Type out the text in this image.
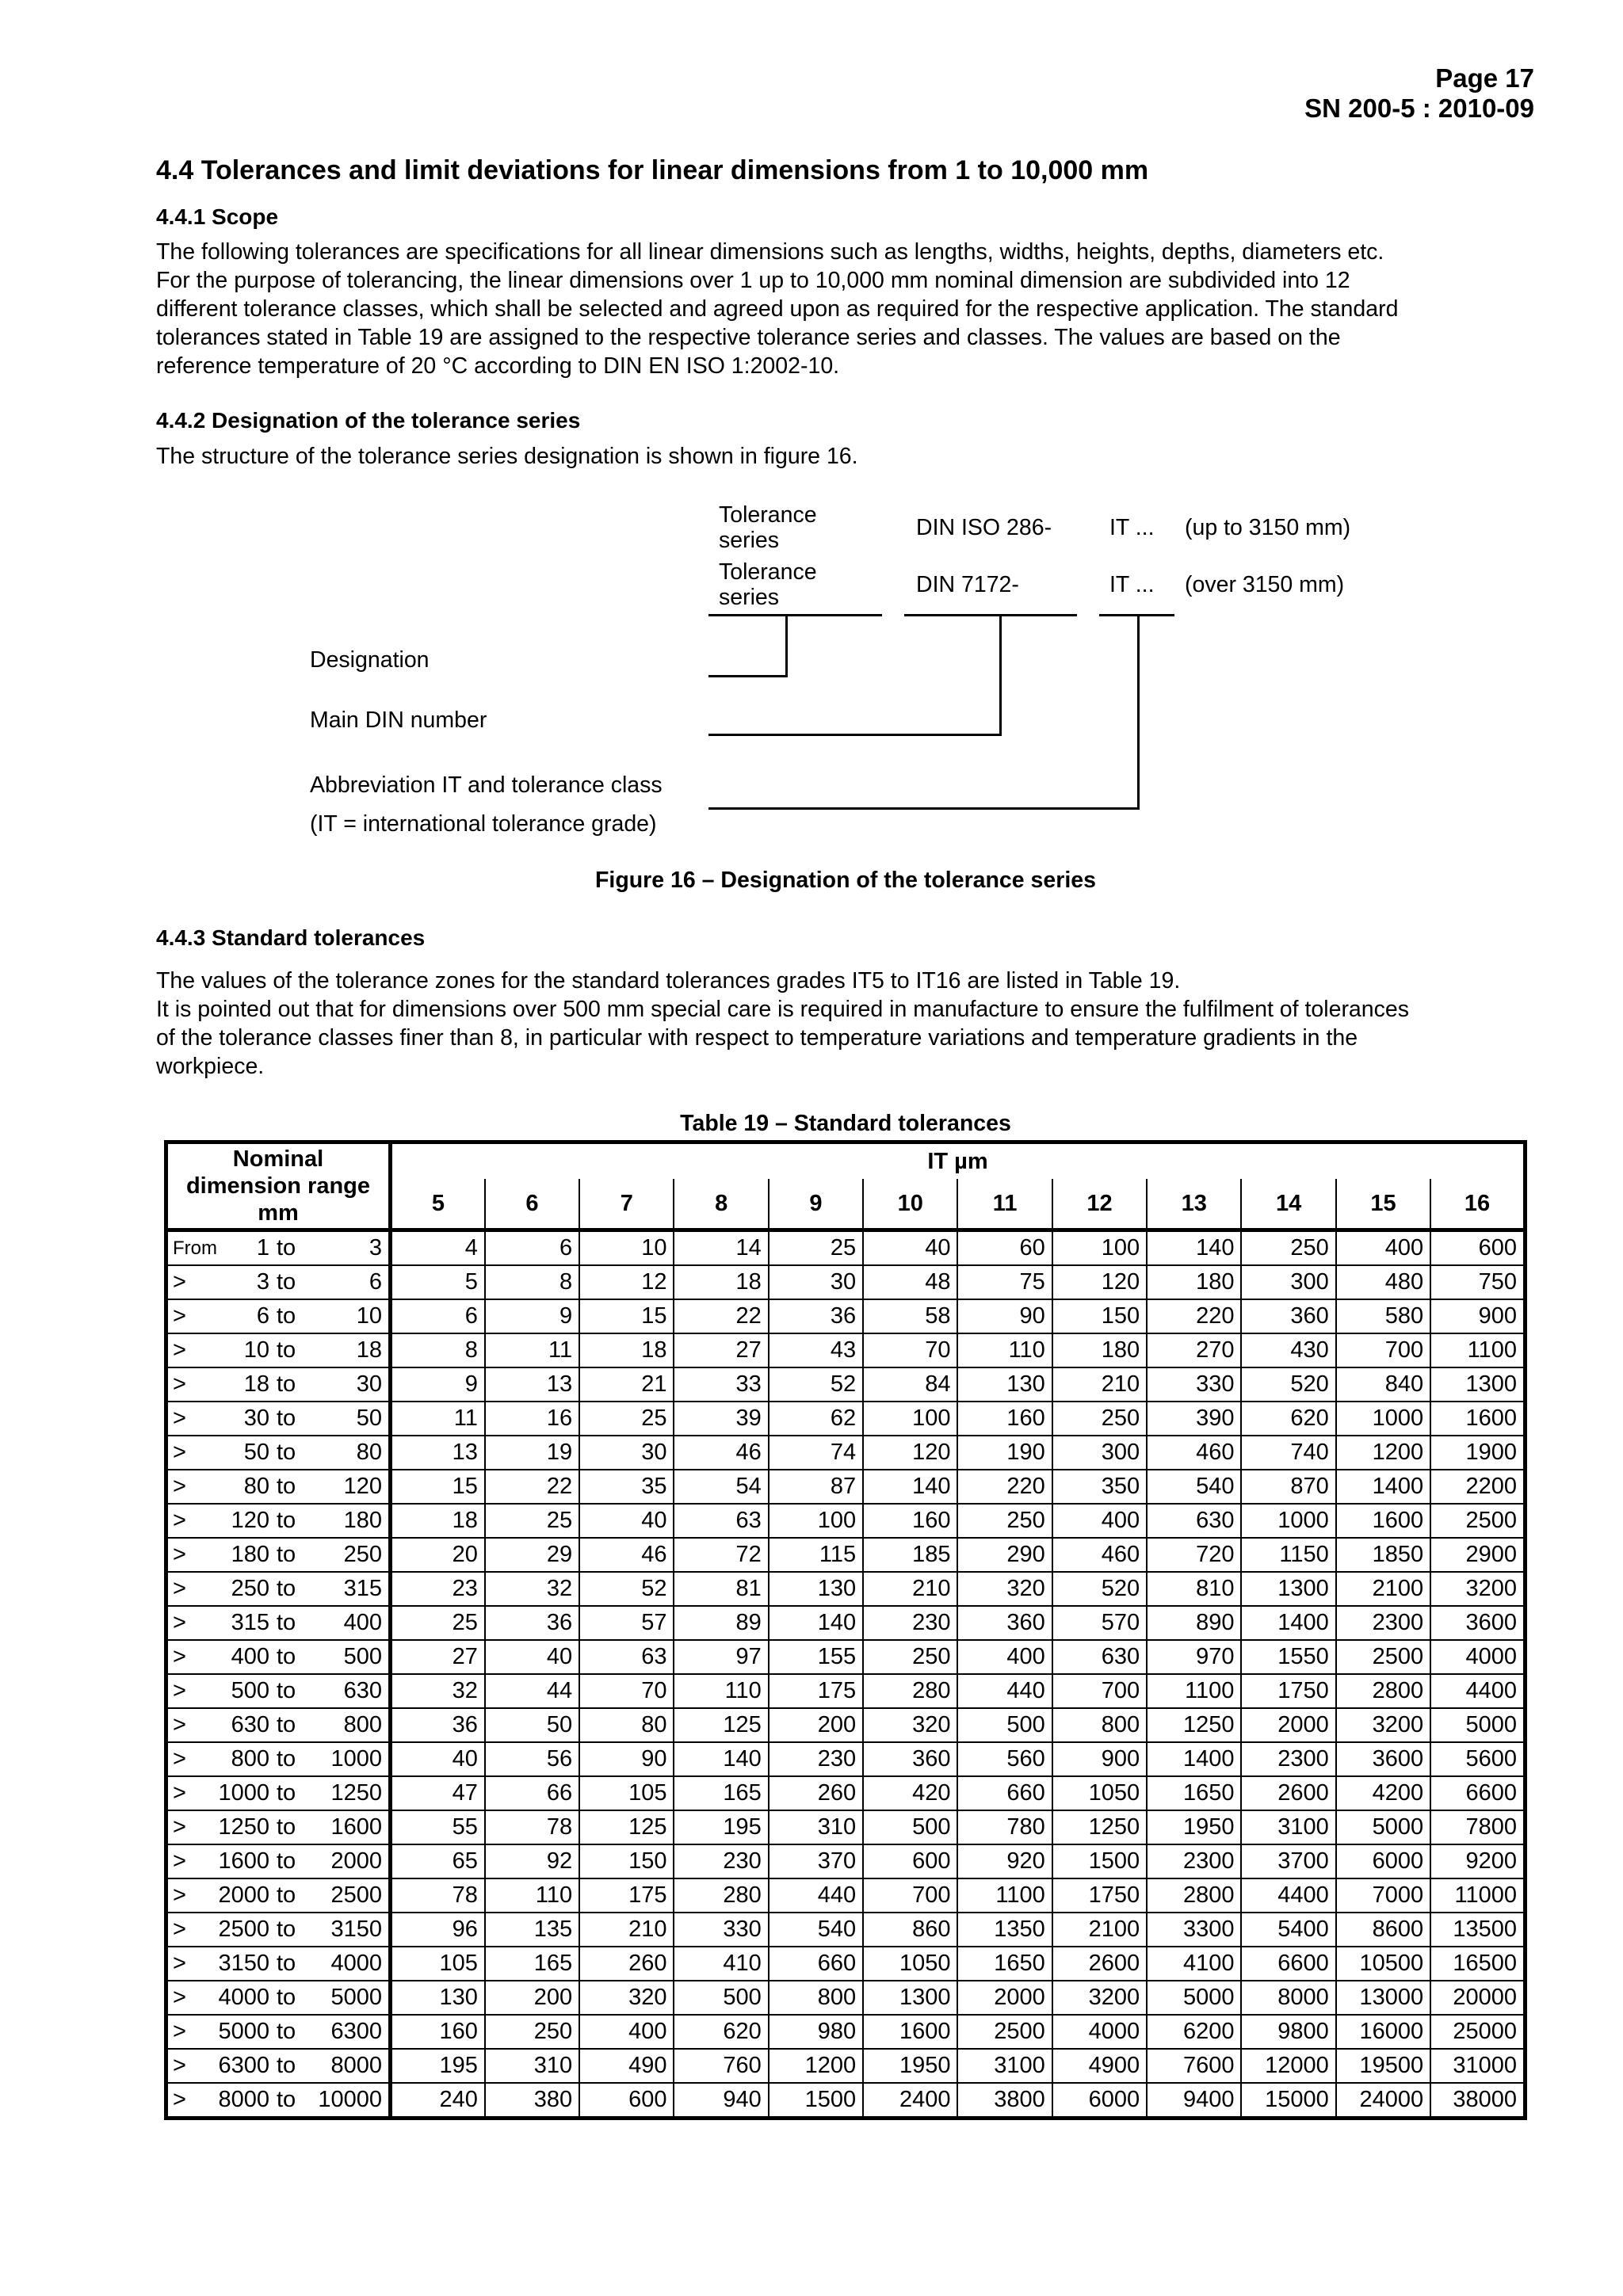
Page 17
SN 200-5 : 2010-09
4.4 Tolerances and limit deviations for linear dimensions from 1 to 10,000 mm
4.4.1 Scope
The following tolerances are specifications for all linear dimensions such as lengths, widths, heights, depths, diameters etc.
For the purpose of tolerancing, the linear dimensions over 1 up to 10,000 mm nominal dimension are subdivided into 12
different tolerance classes, which shall be selected and agreed upon as required for the respective application. The standard
tolerances stated in Table 19 are assigned to the respective tolerance series and classes. The values are based on the
reference temperature of 20 °C according to DIN EN ISO 1:2002-10.
4.4.2 Designation of the tolerance series
The structure of the tolerance series designation is shown in figure 16.
Tolerance
series	DIN ISO 286-	IT ... (up to 3150 mm)
Tolerance
series	DIN 7172-	IT ... (over 3150 mm)
Designation
Main DIN number
Abbreviation IT and tolerance class
(IT = international tolerance grade)
Figure 16 – Designation of the tolerance series
4.4.3 Standard tolerances
The values of the tolerance zones for the standard tolerances grades IT5 to IT16 are listed in Table 19.
It is pointed out that for dimensions over 500 mm special care is required in manufacture to ensure the fulfilment of tolerances
of the tolerance classes finer than 8, in particular with respect to temperature variations and temperature gradients in the
workpiece.
Table 19 – Standard tolerances
Nominal
dimension range
mm	IT µm											
	5	6	7	8	9	10	11	12	13	14	15	16

From 1 to 3	4	6	10	14	25	40	60	100	140	250	400	600

> 3 to 6	5	8	12	18	30	48	75	120	180	300	480	750

> 6 to 10	6	9	15	22	36	58	90	150	220	360	580	900

> 10 to 18	8	11	18	27	43	70	110	180	270	430	700	1100

> 18 to 30	9	13	21	33	52	84	130	210	330	520	840	1300

> 30 to 50	11	16	25	39	62	100	160	250	390	620	1000	1600

> 50 to 80	13	19	30	46	74	120	190	300	460	740	1200	1900

> 80 to 120	15	22	35	54	87	140	220	350	540	870	1400	2200

> 120 to 180	18	25	40	63	100	160	250	400	630	1000	1600	2500

> 180 to 250	20	29	46	72	115	185	290	460	720	1150	1850	2900

> 250 to 315	23	32	52	81	130	210	320	520	810	1300	2100	3200

> 315 to 400	25	36	57	89	140	230	360	570	890	1400	2300	3600

> 400 to 500	27	40	63	97	155	250	400	630	970	1550	2500	4000

> 500 to 630	32	44	70	110	175	280	440	700	1100	1750	2800	4400

> 630 to 800	36	50	80	125	200	320	500	800	1250	2000	3200	5000

> 800 to 1000	40	56	90	140	230	360	560	900	1400	2300	3600	5600

> 1000 to 1250	47	66	105	165	260	420	660	1050	1650	2600	4200	6600

> 1250 to 1600	55	78	125	195	310	500	780	1250	1950	3100	5000	7800

> 1600 to 2000	65	92	150	230	370	600	920	1500	2300	3700	6000	9200

> 2000 to 2500	78	110	175	280	440	700	1100	1750	2800	4400	7000	11000

> 2500 to 3150	96	135	210	330	540	860	1350	2100	3300	5400	8600	13500

> 3150 to 4000	105	165	260	410	660	1050	1650	2600	4100	6600	10500	16500

> 4000 to 5000	130	200	320	500	800	1300	2000	3200	5000	8000	13000	20000

> 5000 to 6300	160	250	400	620	980	1600	2500	4000	6200	9800	16000	25000

> 6300 to 8000	195	310	490	760	1200	1950	3100	4900	7600	12000	19500	31000

> 8000 to 10000	240	380	600	940	1500	2400	3800	6000	9400	15000	24000	38000
